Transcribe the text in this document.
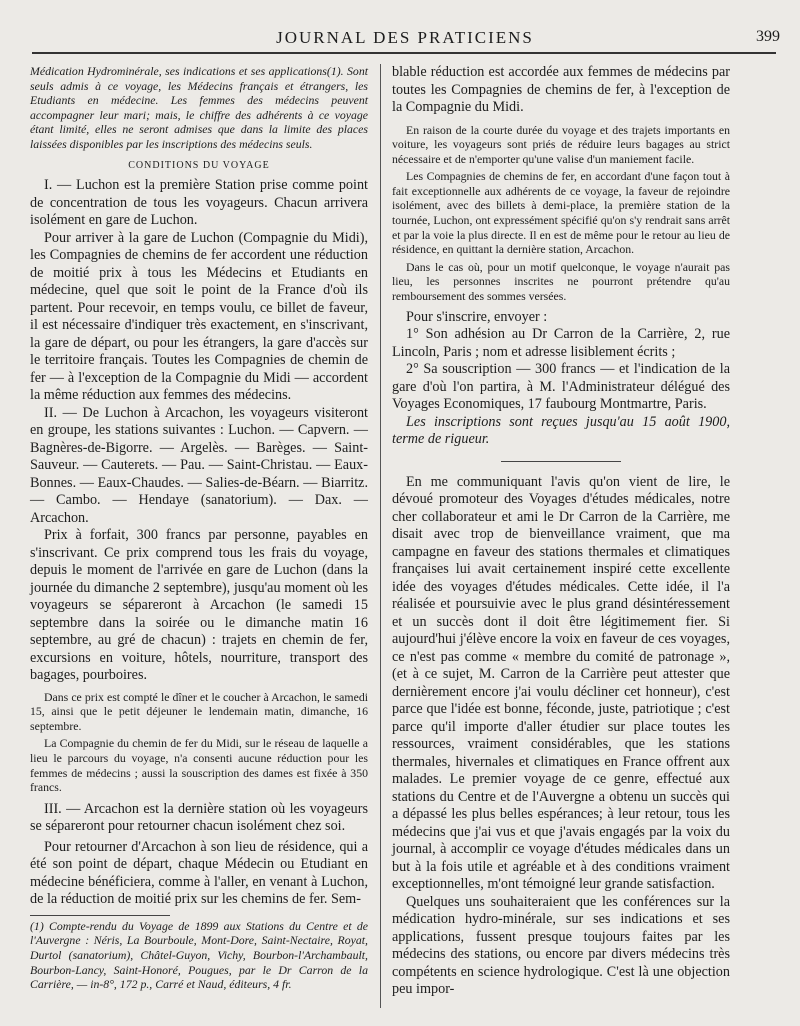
JOURNAL DES PRATICIENS	399

Médication Hydrominérale, ses indications et ses applications(1). Sont seuls admis à ce voyage, les Médecins français et étrangers, les Etudiants en médecine. Les femmes des médecins peuvent accompagner leur mari; mais, le chiffre des adhérents à ce voyage étant limité, elles ne seront admises que dans la limite des places laissées disponibles par les inscriptions des médecins seuls.

CONDITIONS DU VOYAGE

I. — Luchon est la première Station prise comme point de concentration de tous les voyageurs. Chacun arrivera isolément en gare de Luchon.

Pour arriver à la gare de Luchon (Compagnie du Midi), les Compagnies de chemins de fer accordent une réduction de moitié prix à tous les Médecins et Etudiants en médecine, quel que soit le point de la France d'où ils partent. Pour recevoir, en temps voulu, ce billet de faveur, il est nécessaire d'indiquer très exactement, en s'inscrivant, la gare de départ, ou pour les étrangers, la gare d'accès sur le territoire français. Toutes les Compagnies de chemin de fer — à l'exception de la Compagnie du Midi — accordent la même réduction aux femmes des médecins.

II. — De Luchon à Arcachon, les voyageurs visiteront en groupe, les stations suivantes : Luchon. — Capvern. — Bagnères-de-Bigorre. — Argelès. — Barèges. — Saint-Sauveur. — Cauterets. — Pau. — Saint-Christau. — Eaux-Bonnes. — Eaux-Chaudes. — Salies-de-Béarn. — Biarritz. — Cambo. — Hendaye (sanatorium). — Dax. — Arcachon.

Prix à forfait, 300 francs par personne, payables en s'inscrivant. Ce prix comprend tous les frais du voyage, depuis le moment de l'arrivée en gare de Luchon (dans la journée du dimanche 2 septembre), jusqu'au moment où les voyageurs se sépareront à Arcachon (le samedi 15 septembre dans la soirée ou le dimanche matin 16 septembre, au gré de chacun) : trajets en chemin de fer, excursions en voiture, hôtels, nourriture, transport des bagages, pourboires.

Dans ce prix est compté le dîner et le coucher à Arcachon, le samedi 15, ainsi que le petit déjeuner le lendemain matin, dimanche, 16 septembre.

La Compagnie du chemin de fer du Midi, sur le réseau de laquelle a lieu le parcours du voyage, n'a consenti aucune réduction pour les femmes de médecins ; aussi la souscription des dames est fixée à 350 francs.

III. — Arcachon est la dernière station où les voyageurs se sépareront pour retourner chacun isolément chez soi.

Pour retourner d'Arcachon à son lieu de résidence, qui a été son point de départ, chaque Médecin ou Etudiant en médecine bénéficiera, comme à l'aller, en venant à Luchon, de la réduction de moitié prix sur les chemins de fer. Sem-

(1) Compte-rendu du Voyage de 1899 aux Stations du Centre et de l'Auvergne : Néris, La Bourboule, Mont-Dore, Saint-Nectaire, Royat, Durtol (sanatorium), Châtel-Guyon, Vichy, Bourbon-l'Archambault, Bourbon-Lancy, Saint-Honoré, Pougues, par le Dr Carron de la Carrière, — in-8°, 172 p., Carré et Naud, éditeurs, 4 fr.

blable réduction est accordée aux femmes de médecins par toutes les Compagnies de chemins de fer, à l'exception de la Compagnie du Midi.

En raison de la courte durée du voyage et des trajets importants en voiture, les voyageurs sont priés de réduire leurs bagages au strict nécessaire et de n'emporter qu'une valise d'un maniement facile.

Les Compagnies de chemins de fer, en accordant d'une façon tout à fait exceptionnelle aux adhérents de ce voyage, la faveur de rejoindre isolément, avec des billets à demi-place, la première station de la tournée, Luchon, ont expressément spécifié qu'on s'y rendrait sans arrêt et par la voie la plus directe. Il en est de même pour le retour au lieu de résidence, en quittant la dernière station, Arcachon.

Dans le cas où, pour un motif quelconque, le voyage n'aurait pas lieu, les personnes inscrites ne pourront prétendre qu'au remboursement des sommes versées.

Pour s'inscrire, envoyer :

1° Son adhésion au Dr Carron de la Carrière, 2, rue Lincoln, Paris ; nom et adresse lisiblement écrits ;

2° Sa souscription — 300 francs — et l'indication de la gare d'où l'on partira, à M. l'Administrateur délégué des Voyages Economiques, 17 faubourg Montmartre, Paris.

Les inscriptions sont reçues jusqu'au 15 août 1900, terme de rigueur.

En me communiquant l'avis qu'on vient de lire, le dévoué promoteur des Voyages d'études médicales, notre cher collaborateur et ami le Dr Carron de la Carrière, me disait avec trop de bienveillance vraiment, que ma campagne en faveur des stations thermales et climatiques françaises lui avait certainement inspiré cette excellente idée des voyages d'études médicales. Cette idée, il l'a réalisée et poursuivie avec le plus grand désintéressement et un succès dont il doit être légitimement fier. Si aujourd'hui j'élève encore la voix en faveur de ces voyages, ce n'est pas comme « membre du comité de patronage », (et à ce sujet, M. Carron de la Carrière peut attester que dernièrement encore j'ai voulu décliner cet honneur), c'est parce que l'idée est bonne, féconde, juste, patriotique ; c'est parce qu'il importe d'aller étudier sur place toutes les ressources, vraiment considérables, que les stations thermales, hivernales et climatiques en France offrent aux malades. Le premier voyage de ce genre, effectué aux stations du Centre et de l'Auvergne a obtenu un succès qui a dépassé les plus belles espérances; à leur retour, tous les médecins que j'ai vus et que j'avais engagés par la voix du journal, à accomplir ce voyage d'études médicales dans un but à la fois utile et agréable et à des conditions vraiment exceptionnelles, m'ont témoigné leur grande satisfaction.

Quelques uns souhaiteraient que les conférences sur la médication hydro-minérale, sur ses indications et ses applications, fussent presque toujours faites par les médecins des stations, ou encore par divers médecins très compétents en science hydrologique. C'est là une objection peu impor-
